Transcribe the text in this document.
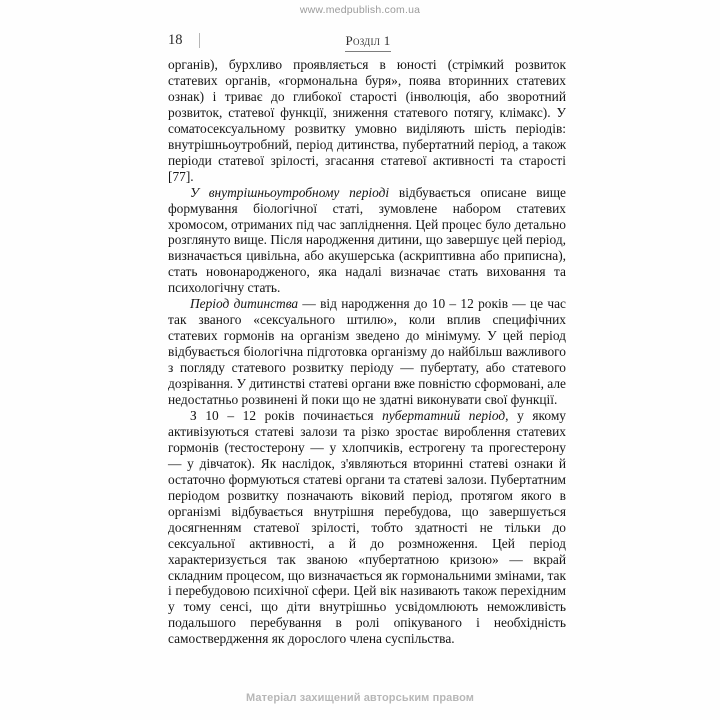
www.medpublish.com.ua
18	Розділ 1

органів), бурхливо проявляється в юності (стрімкий розвиток статевих органів, «гормональна буря», поява вторинних статевих ознак) і триває до глибокої старості (інволюція, або зворотний розвиток, статевої функції, зниження статевого потягу, клімакс). У соматосексуальному розвитку умовно виділяють шість періодів: внутрішньоутробний, період дитинства, пубертатний період, а також періоди статевої зрілості, згасання статевої активності та старості [77].

У внутрішньоутробному періоді відбувається описане вище формування біологічної статі, зумовлене набором статевих хромосом, отриманих під час запліднення. Цей процес було детально розглянуто вище. Після народження дитини, що завершує цей період, визначається цивільна, або акушерська (аскриптивна або приписна), стать новонародженого, яка надалі визначає стать виховання та психологічну стать.

Період дитинства — від народження до 10 – 12 років — це час так званого «сексуального штилю», коли вплив специфічних статевих гормонів на організм зведено до мінімуму. У цей період відбувається біологічна підготовка організму до найбільш важливого з погляду статевого розвитку періоду — пубертату, або статевого дозрівання. У дитинстві статеві органи вже повністю сформовані, але недостатньо розвинені й поки що не здатні виконувати свої функції.

З 10 – 12 років починається пубертатний період, у якому активізуються статеві залози та різко зростає вироблення статевих гормонів (тестостерону — у хлопчиків, естрогену та прогестерону — у дівчаток). Як наслідок, з'являються вторинні статеві ознаки й остаточно формуються статеві органи та статеві залози. Пубертатним періодом розвитку позначають віковий період, протягом якого в організмі відбувається внутрішня перебудова, що завершується досягненням статевої зрілості, тобто здатності не тільки до сексуальної активності, а й до розмноження. Цей період характеризується так званою «пубертатною кризою» — вкрай складним процесом, що визначається як гормональними змінами, так і перебудовою психічної сфери. Цей вік називають також перехідним у тому сенсі, що діти внутрішньо усвідомлюють неможливість подальшого перебування в ролі опікуваного і необхідність самоствердження як дорослого члена суспільства.

Матеріал захищений авторським правом
